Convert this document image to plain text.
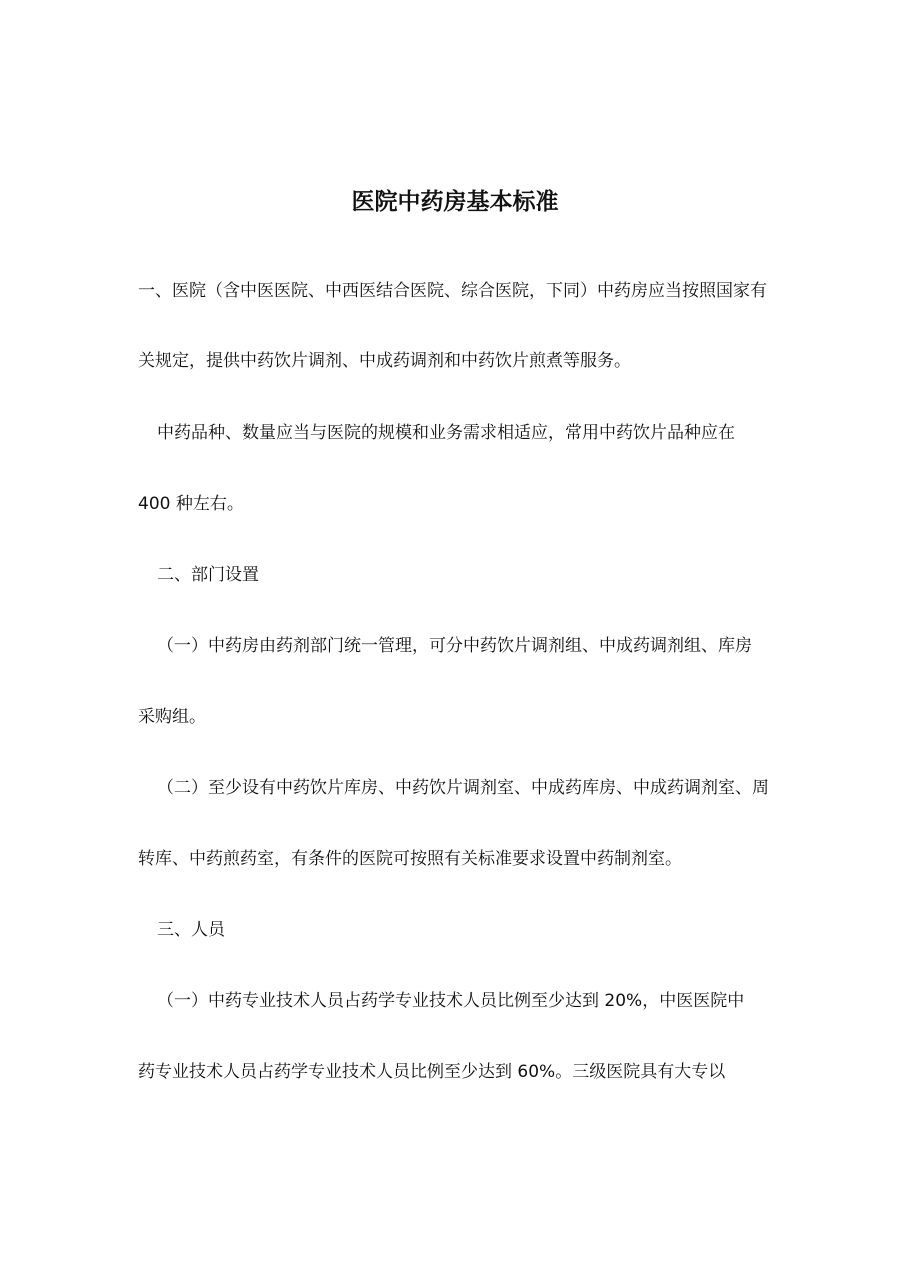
医院中药房基本标准
一、医院（含中医医院、中西医结合医院、综合医院，下同）中药房应当按照国家有
关规定，提供中药饮片调剂、中成药调剂和中药饮片煎煮等服务。
中药品种、数量应当与医院的规模和业务需求相适应，常用中药饮片品种应在
400 种左右。
二、部门设置
（一）中药房由药剂部门统一管理，可分中药饮片调剂组、中成药调剂组、库房
采购组。
（二）至少设有中药饮片库房、中药饮片调剂室、中成药库房、中成药调剂室、周
转库、中药煎药室，有条件的医院可按照有关标准要求设置中药制剂室。
三、人员
（一）中药专业技术人员占药学专业技术人员比例至少达到 20%，中医医院中
药专业技术人员占药学专业技术人员比例至少达到 60%。三级医院具有大专以
